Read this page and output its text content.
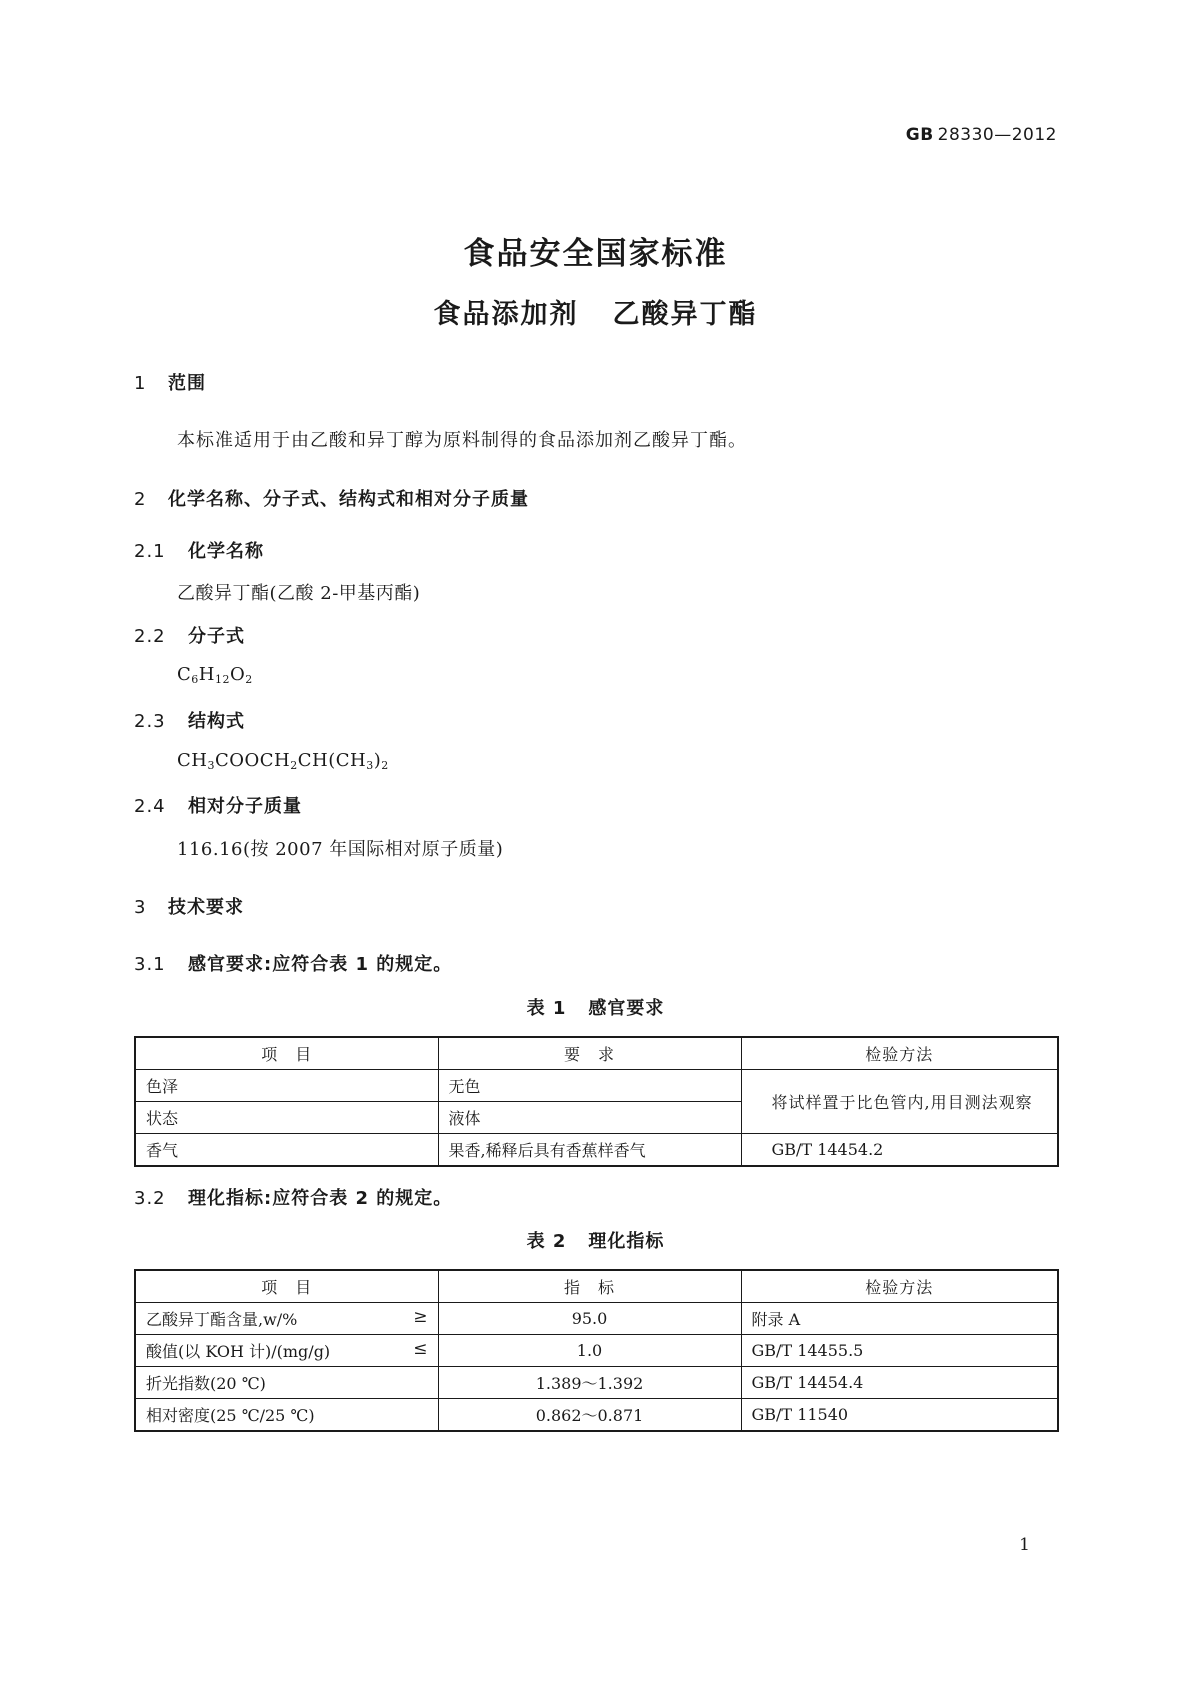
GB 28330—2012
食品安全国家标准
食品添加剂 乙酸异丁酯
1 范围
本标准适用于由乙酸和异丁醇为原料制得的食品添加剂乙酸异丁酯。
2 化学名称、分子式、结构式和相对分子质量
2.1 化学名称
乙酸异丁酯(乙酸 2-甲基丙酯)
2.2 分子式
$C_6H_{12}O_2$
2.3 结构式
$CH_3COOCH_2CH(CH_3)_2$
2.4 相对分子质量
116.16(按 2007 年国际相对原子质量)
3 技术要求
3.1 感官要求:应符合表 1 的规定。
表 1 感官要求
项　目	要　求	检验方法
色泽	无色	将试样置于比色管内,用目测法观察
状态	液体	
香气	果香,稀释后具有香蕉样香气	GB/T 14454.2
3.2 理化指标:应符合表 2 的规定。
表 2 理化指标
项　目	指　标	检验方法
乙酸异丁酯含量,w/% ≥	95.0	附录 A
酸值(以 KOH 计)/(mg/g) ≤	1.0	GB/T 14455.5
折光指数(20 ℃)	1.389～1.392	GB/T 14454.4
相对密度(25 ℃/25 ℃)	0.862～0.871	GB/T 11540
1
